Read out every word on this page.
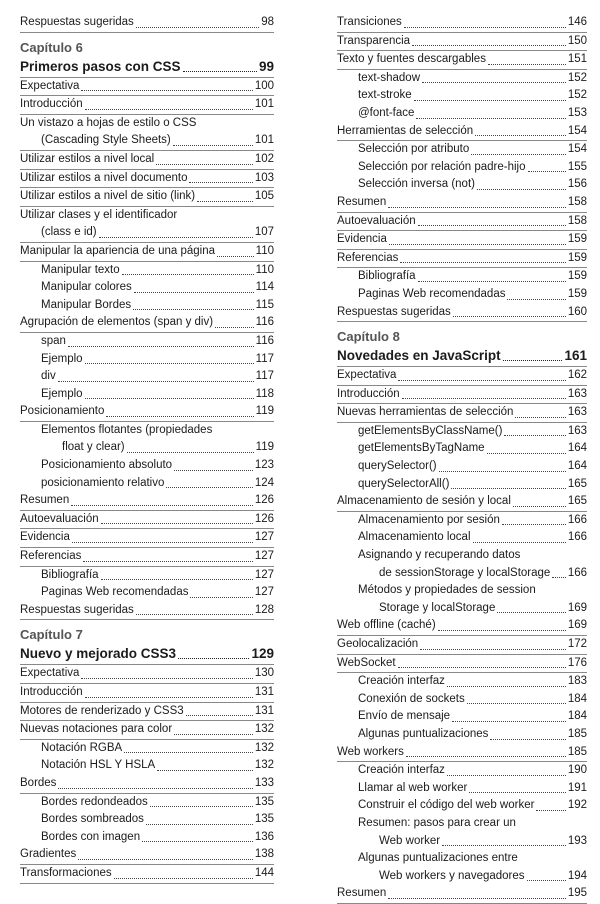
Respuestas sugeridas	98
Capítulo 6
Primeros pasos con CSS	99
Expectativa	100
Introducción	101
Un vistazo a hojas de estilo o CSS
(Cascading Style Sheets)	101
Utilizar estilos a nivel local	102
Utilizar estilos a nivel documento	103
Utilizar estilos a nivel de sitio (link)	105
Utilizar clases y el identificador
(class e id)	107
Manipular la apariencia de una página	110
Manipular texto	110
Manipular colores	114
Manipular Bordes	115
Agrupación de elementos (span y div)	116
span	116
Ejemplo	117
div	117
Ejemplo	118
Posicionamiento	119
Elementos flotantes (propiedades
float y clear)	119
Posicionamiento absoluto	123
posicionamiento relativo	124
Resumen	126
Autoevaluación	126
Evidencia	127
Referencias	127
Bibliografía	127
Paginas Web recomendadas	127
Respuestas sugeridas	128
Capítulo 7
Nuevo y mejorado CSS3	129
Expectativa	130
Introducción	131
Motores de renderizado y CSS3	131
Nuevas notaciones para color	132
Notación RGBA	132
Notación HSL Y HSLA	132
Bordes	133
Bordes redondeados	135
Bordes sombreados	135
Bordes con imagen	136
Gradientes	138
Transformaciones	144
Transiciones	146
Transparencia	150
Texto y fuentes descargables	151
text-shadow	152
text-stroke	152
@font-face	153
Herramientas de selección	154
Selección por atributo	154
Selección por relación padre-hijo	155
Selección inversa (not)	156
Resumen	158
Autoevaluación	158
Evidencia	159
Referencias	159
Bibliografía	159
Paginas Web recomendadas	159
Respuestas sugeridas	160
Capítulo 8
Novedades en JavaScript	161
Expectativa	162
Introducción	163
Nuevas herramientas de selección	163
getElementsByClassName()	163
getElementsByTagName	164
querySelector()	164
querySelectorAll()	165
Almacenamiento de sesión y local	165
Almacenamiento por sesión	166
Almacenamiento local	166
Asignando y recuperando datos
de sessionStorage y localStorage 166
Métodos y propiedades de session
Storage y localStorage	169
Web offline (caché)	169
Geolocalización	172
WebSocket	176
Creación interfaz	183
Conexión de sockets	184
Envío de mensaje	184
Algunas puntualizaciones	185
Web workers	185
Creación interfaz	190
Llamar al web worker	191
Construir el código del web worker	192
Resumen: pasos para crear un
Web worker	193
Algunas puntualizaciones entre
Web workers y navegadores	194
Resumen	195
